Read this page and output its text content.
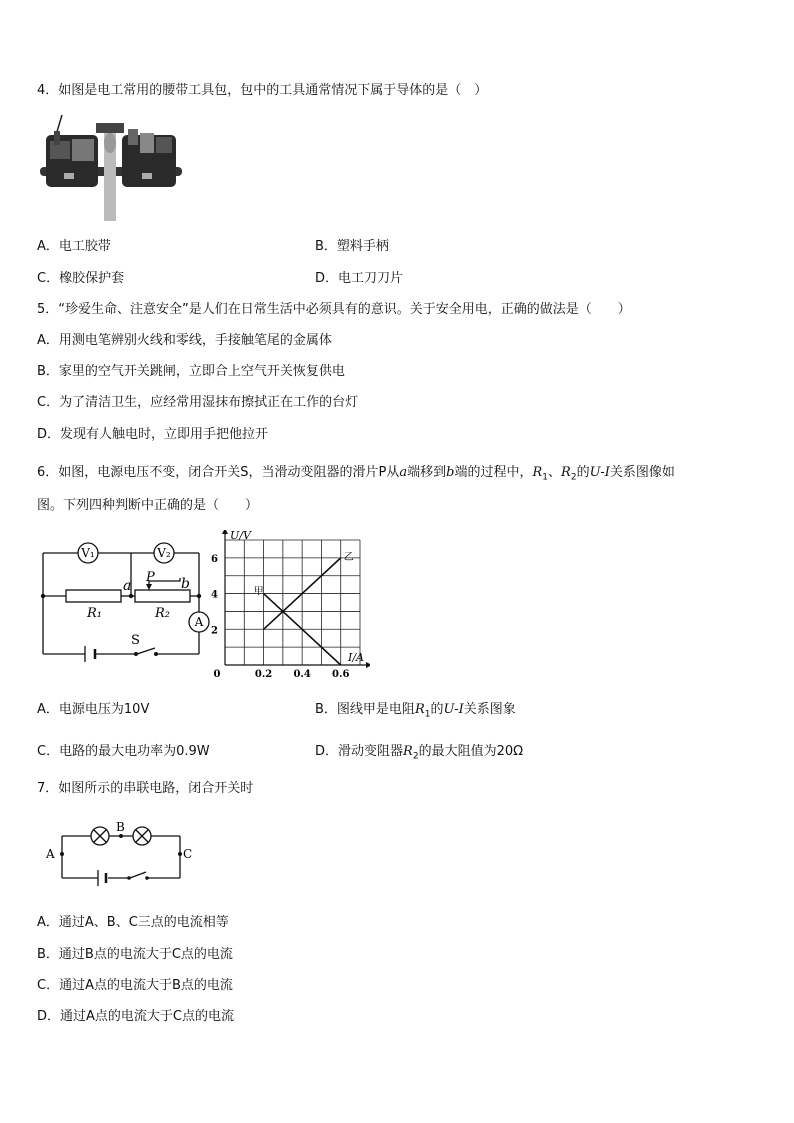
4．如图是电工常用的腰带工具包，包中的工具通常情况下属于导体的是（　）
A．电工胶带	B．塑料手柄
C．橡胶保护套	D．电工刀刀片
5．“珍爱生命、注意安全”是人们在日常生活中必须具有的意识。关于安全用电，正确的做法是（　　）
A．用测电笔辨别火线和零线，手接触笔尾的金属体
B．家里的空气开关跳闸，立即合上空气开关恢复供电
C．为了清洁卫生，应经常用湿抹布擦拭正在工作的台灯
D．发现有人触电时，立即用手把他拉开
6．如图，电源电压不变，闭合开关S，当滑动变阻器的滑片P从a端移到b端的过程中，$R_1$、$R_2$的U-I关系图像如
图。下列四种判断中正确的是（　　）
V₁	V₂
A
a
P b
R₁	R₂
S
0	0.2 0.4 0.6
2
4
6
甲
乙
U/V
I/A
A．电源电压为10V	B．图线甲是电阻$R_1$的U-I关系图象
C．电路的最大电功率为0.9W	D．滑动变阻器$R_2$的最大阻值为20Ω
7．如图所示的串联电路，闭合开关时
A
B
C
A．通过A、B、C三点的电流相等
B．通过B点的电流大于C点的电流
C．通过A点的电流大于B点的电流
D．通过A点的电流大于C点的电流
